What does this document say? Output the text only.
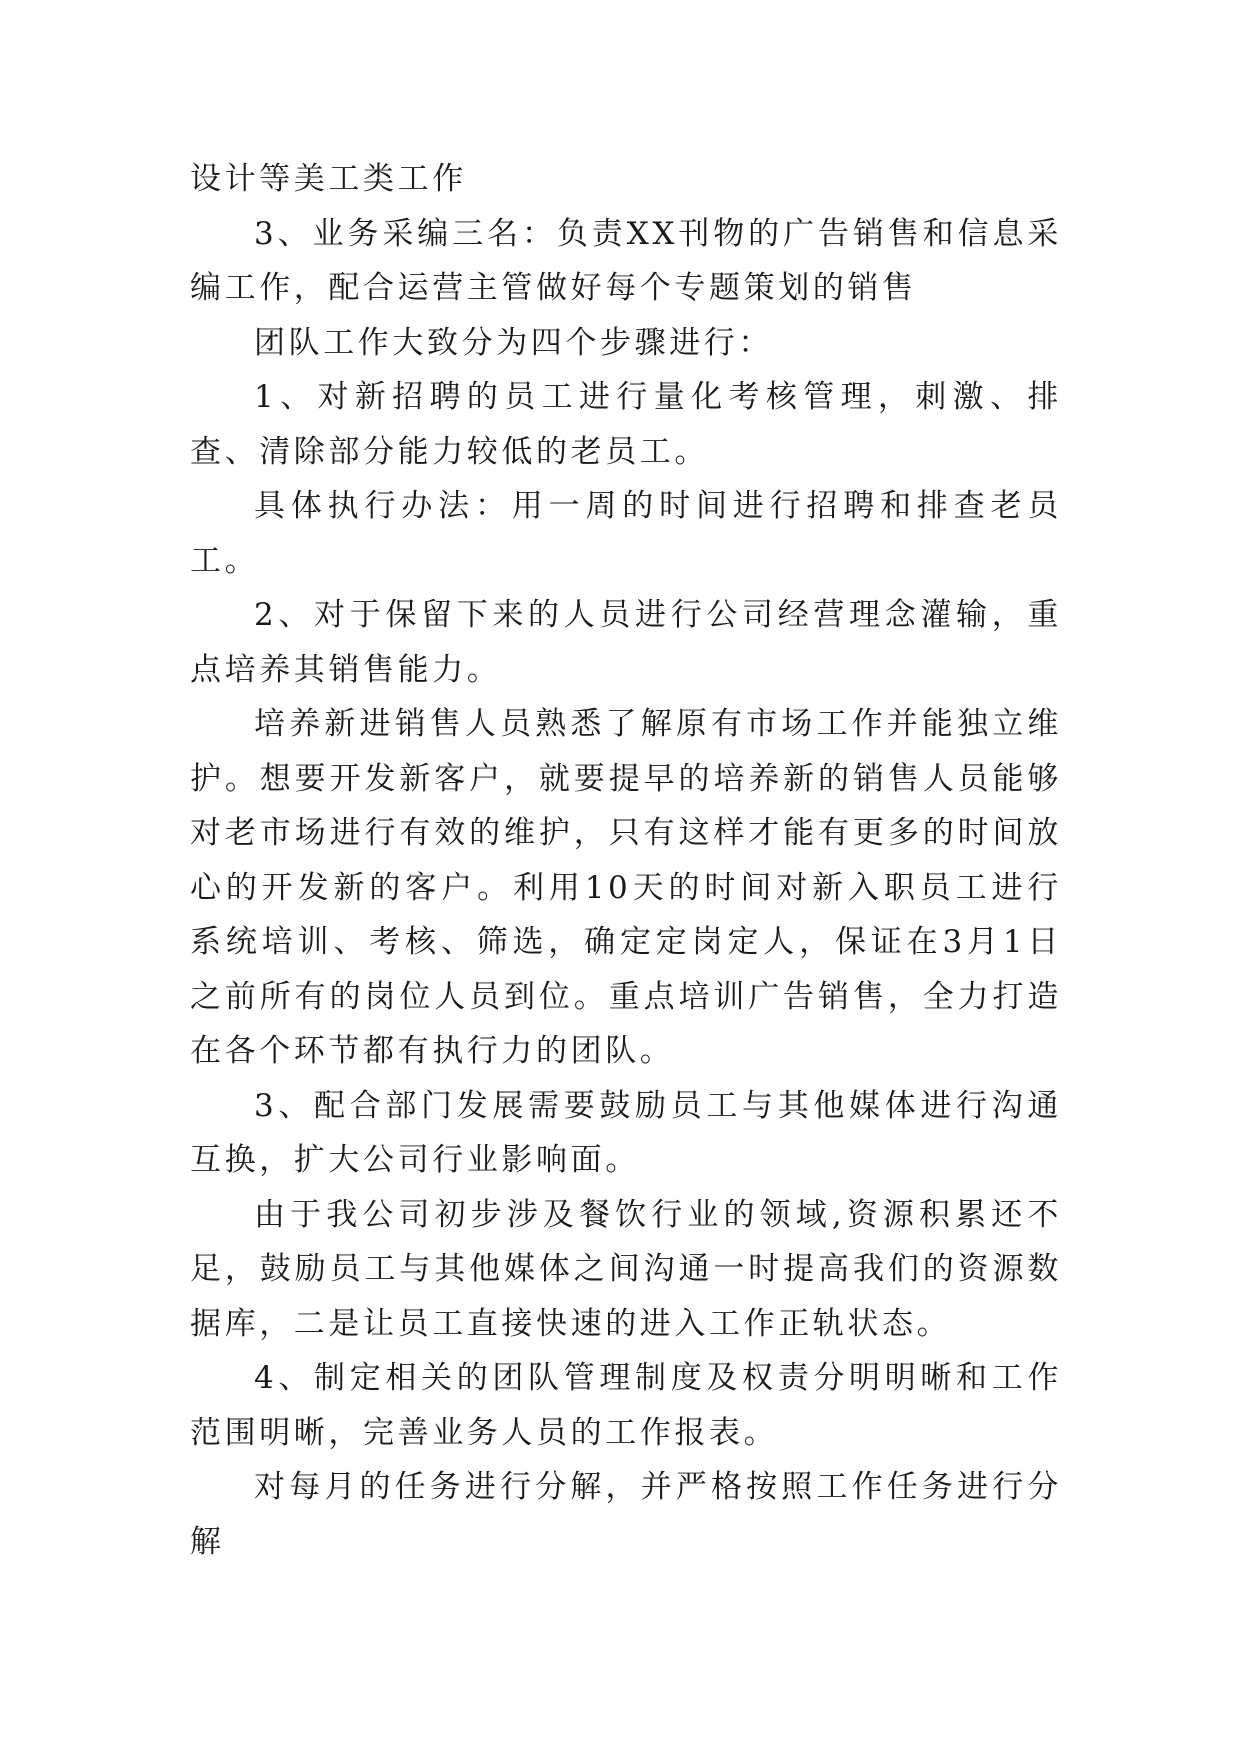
设计等美工类工作

3、业务采编三名：负责XX刊物的广告销售和信息采编工作，配合运营主管做好每个专题策划的销售

团队工作大致分为四个步骤进行：

1、对新招聘的员工进行量化考核管理，刺激、排查、清除部分能力较低的老员工。

具体执行办法：用一周的时间进行招聘和排查老员工。

2、对于保留下来的人员进行公司经营理念灌输，重点培养其销售能力。

培养新进销售人员熟悉了解原有市场工作并能独立维护。想要开发新客户，就要提早的培养新的销售人员能够对老市场进行有效的维护，只有这样才能有更多的时间放心的开发新的客户。利用10天的时间对新入职员工进行系统培训、考核、筛选，确定定岗定人，保证在3月1日之前所有的岗位人员到位。重点培训广告销售，全力打造在各个环节都有执行力的团队。

3、配合部门发展需要鼓励员工与其他媒体进行沟通互换，扩大公司行业影响面。

由于我公司初步涉及餐饮行业的领域,资源积累还不足，鼓励员工与其他媒体之间沟通一时提高我们的资源数据库，二是让员工直接快速的进入工作正轨状态。

4、制定相关的团队管理制度及权责分明明晰和工作范围明晰，完善业务人员的工作报表。

对每月的任务进行分解，并严格按照工作任务进行分解
